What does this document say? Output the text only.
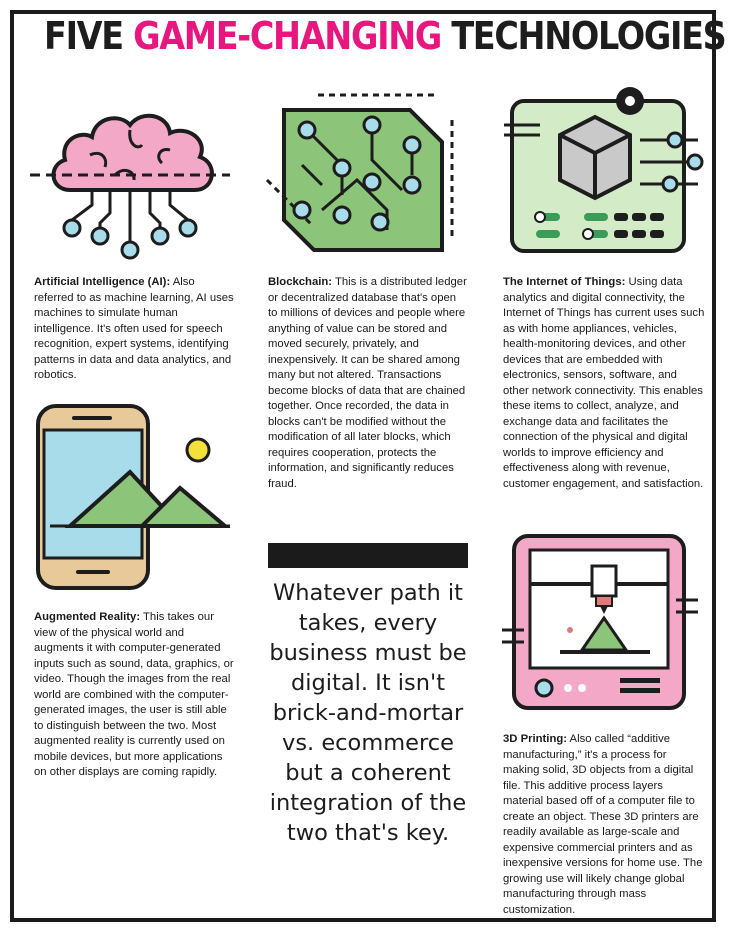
FIVE GAME-CHANGING TECHNOLOGIES
Artificial Intelligence (AI): Also referred to as machine learning, AI uses machines to simulate human intelligence. It's often used for speech recognition, expert systems, identifying patterns in data and data analytics, and robotics.
Blockchain: This is a distributed ledger or decentralized database that's open to millions of devices and people where anything of value can be stored and moved securely, privately, and inexpensively. It can be shared among many but not altered. Transactions become blocks of data that are chained together. Once recorded, the data in blocks can't be modified without the modification of all later blocks, which requires cooperation, protects the information, and significantly reduces fraud.
The Internet of Things: Using data analytics and digital connectivity, the Internet of Things has current uses such as with home appliances, vehicles, health-monitoring devices, and other devices that are embedded with electronics, sensors, software, and other network connectivity. This enables these items to collect, analyze, and exchange data and facilitates the connection of the physical and digital worlds to improve efficiency and effectiveness along with revenue, customer engagement, and satisfaction.
Augmented Reality: This takes our view of the physical world and augments it with computer-generated inputs such as sound, data, graphics, or video. Though the images from the real world are combined with the computer-generated images, the user is still able to distinguish between the two. Most augmented reality is currently used on mobile devices, but more applications on other displays are coming rapidly.
3D Printing: Also called “additive manufacturing,” it's a process for making solid, 3D objects from a digital file. This additive process layers material based off of a computer file to create an object. These 3D printers are readily available as large-scale and expensive commercial printers and as inexpensive versions for home use. The growing use will likely change global manufacturing through mass customization.
Whatever path it takes, every business must be digital. It isn't brick-and-mortar vs. ecommerce but a coherent integration of the two that's key.
